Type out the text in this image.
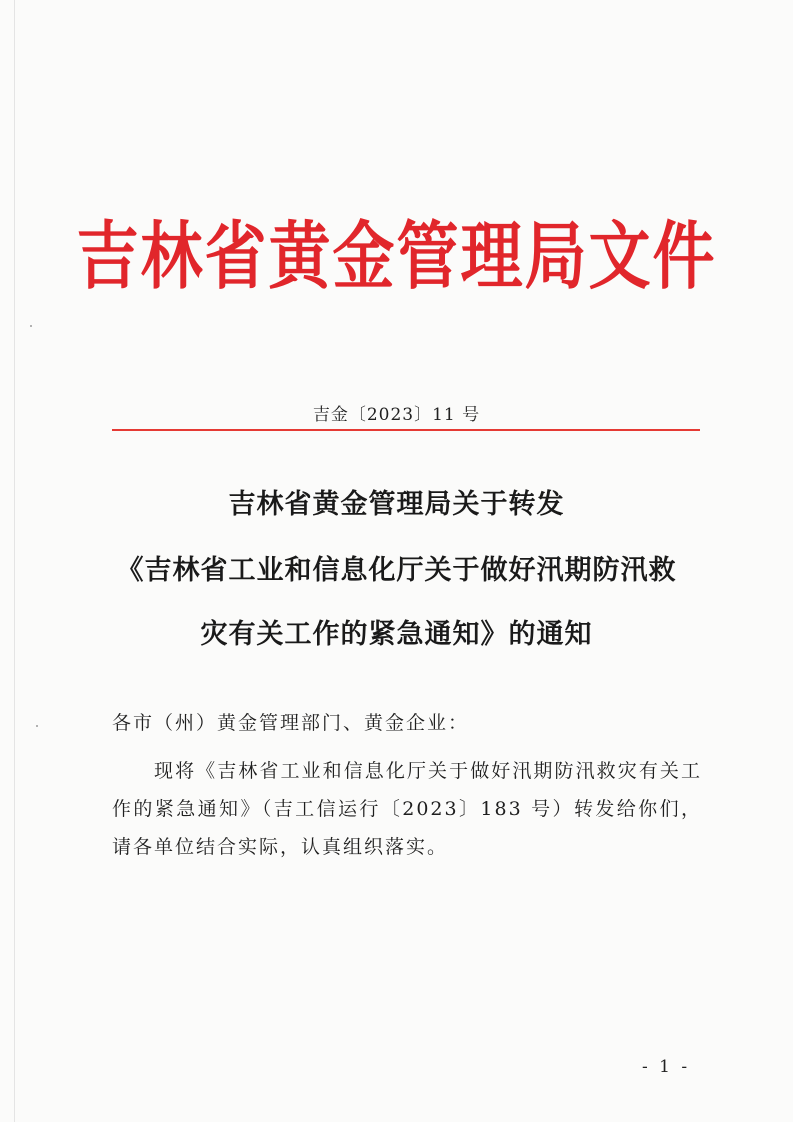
吉林省黄金管理局文件
吉金〔2023〕11 号
吉林省黄金管理局关于转发
《吉林省工业和信息化厅关于做好汛期防汛救
灾有关工作的紧急通知》的通知
各市（州）黄金管理部门、黄金企业：

现将《吉林省工业和信息化厅关于做好汛期防汛救灾有关工作的紧急通知》（吉工信运行〔2023〕183 号）转发给你们，请各单位结合实际，认真组织落实。

- 1 -
